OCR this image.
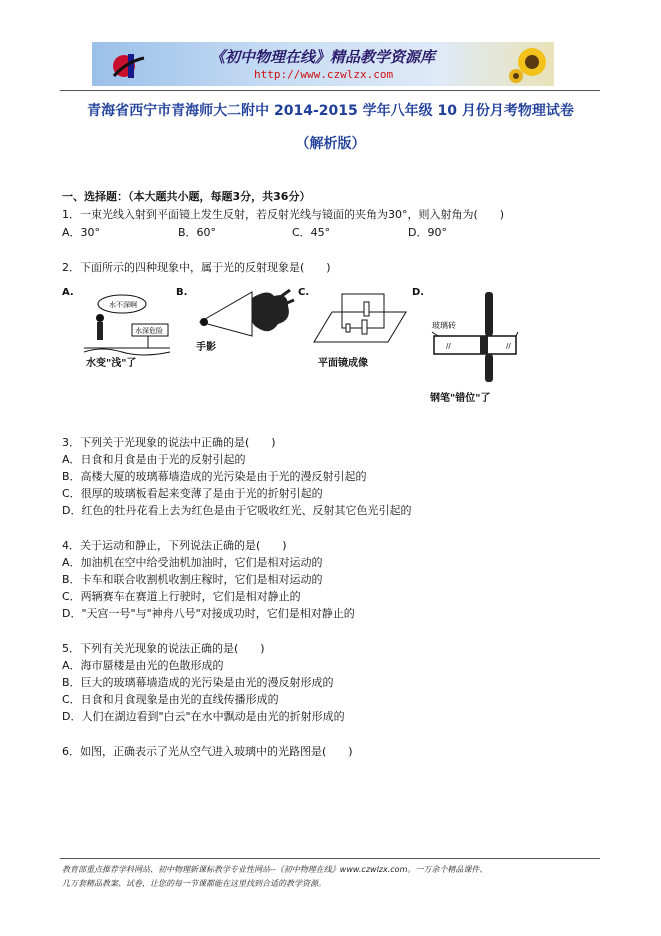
《初中物理在线》精品教学资源库
http://www.czwlzx.com
青海省西宁市青海师大二附中 2014-2015 学年八年级 10 月份月考物理试卷
（解析版）
一、选择题：（本大题共小题，每题3分，共36分）
1．一束光线入射到平面镜上发生反射，若反射光线与镜面的夹角为30°，则入射角为(　　)
A．30°	B．60°	C．45°	D．90°
2．下面所示的四种现象中，属于光的反射现象是(　　)
A.
水不深啊
水深危险
水变"浅"了
B.
手影
C.
平面镜成像
D.
玻璃砖
//	//
钢笔"错位"了
3．下列关于光现象的说法中正确的是(　　)
A．日食和月食是由于光的反射引起的
B．高楼大厦的玻璃幕墙造成的光污染是由于光的漫反射引起的
C．很厚的玻璃板看起来变薄了是由于光的折射引起的
D．红色的牡丹花看上去为红色是由于它吸收红光、反射其它色光引起的
4．关于运动和静止，下列说法正确的是(　　)
A．加油机在空中给受油机加油时，它们是相对运动的
B．卡车和联合收割机收割庄稼时，它们是相对运动的
C．两辆赛车在赛道上行驶时，它们是相对静止的
D．"天宫一号"与"神舟八号"对接成功时，它们是相对静止的
5．下列有关光现象的说法正确的是(　　)
A．海市蜃楼是由光的色散形成的
B．巨大的玻璃幕墙造成的光污染是由光的漫反射形成的
C．日食和月食现象是由光的直线传播形成的
D．人们在湖边看到"白云"在水中飘动是由光的折射形成的
6．如图，正确表示了光从空气进入玻璃中的光路图是(　　)
教育部重点推荐学科网站、初中物理新课标教学专业性网站--《初中物理在线》www.czwlzx.com。一万余个精品课件、
几万套精品教案、试卷，让您的每一节课都能在这里找到合适的教学资源。
